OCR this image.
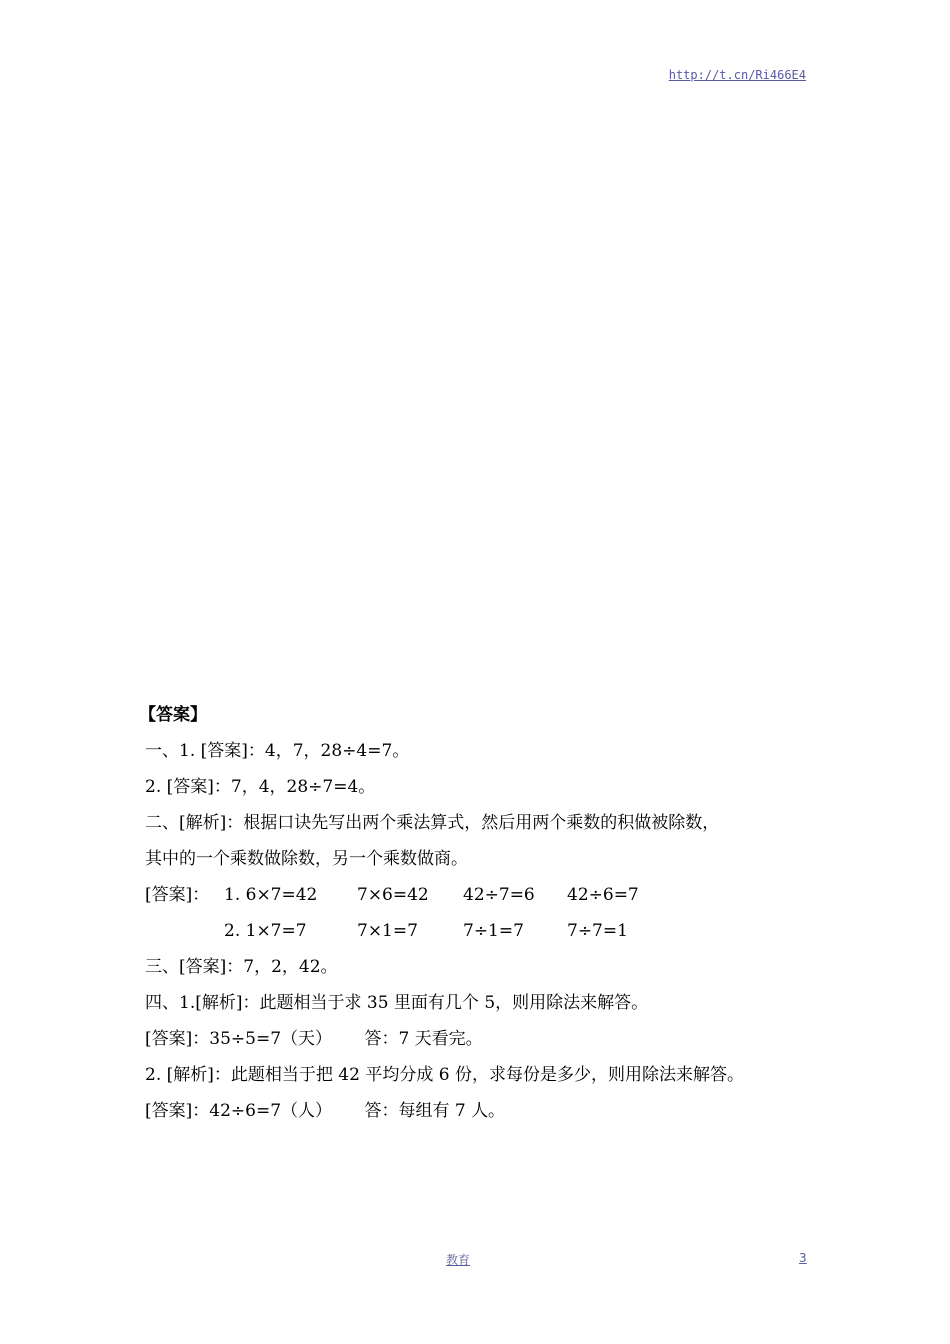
http://t.cn/Ri466E4
【答案】
一、1. [答案]：4，7，28÷4=7。
2. [答案]：7，4，28÷7=4。
二、[解析]：根据口诀先写出两个乘法算式，然后用两个乘数的积做被除数，
其中的一个乘数做除数，另一个乘数做商。
[答案]： 1. 6×7=42	7×6=42	42÷7=6	42÷6=7
2. 1×7=7	7×1=7	7÷1=7	7÷7=1
三、[答案]：7，2，42。
四、1.[解析]：此题相当于求 35 里面有几个 5，则用除法来解答。
[答案]：35÷5=7（天）      答：7 天看完。
2. [解析]：此题相当于把 42 平均分成 6 份，求每份是多少，则用除法来解答。
[答案]：42÷6=7（人）      答：每组有 7 人。
教育	3
